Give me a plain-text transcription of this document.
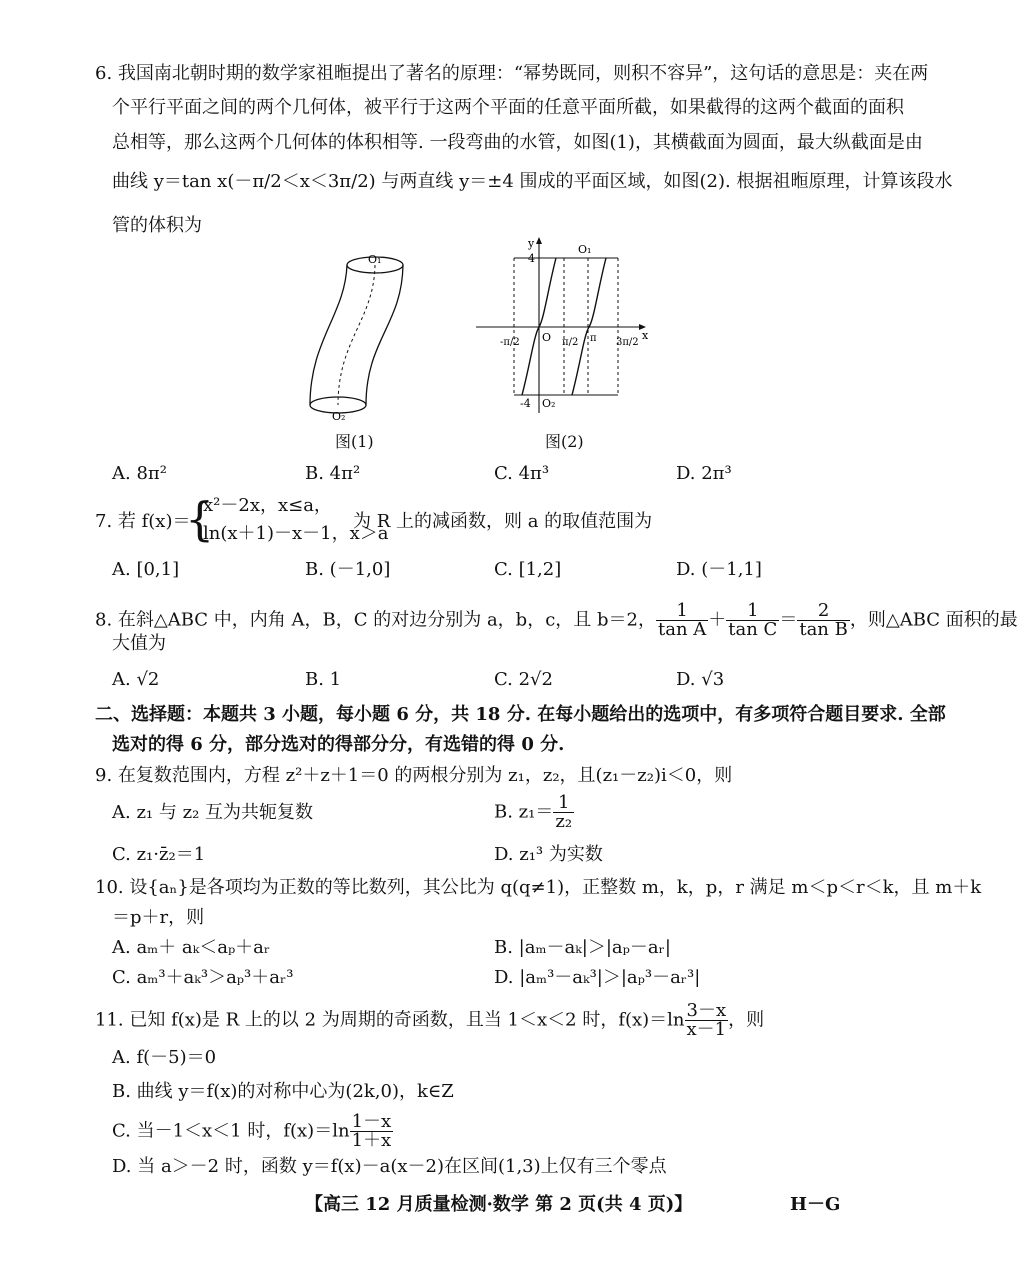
6. 我国南北朝时期的数学家祖暅提出了著名的原理：“幂势既同，则积不容异”，这句话的意思是：夹在两
个平行平面之间的两个几何体，被平行于这两个平面的任意平面所截，如果截得的这两个截面的面积
总相等，那么这两个几何体的体积相等. 一段弯曲的水管，如图(1)，其横截面为圆面，最大纵截面是由
曲线 y＝tan x(－π/2＜x＜3π/2) 与两直线 y＝±4 围成的平面区域，如图(2). 根据祖暅原理，计算该段水
管的体积为
O₁
O₂
图(1)
y
x
O
O₁
O₂
4
-4
-π/2	π/2 π 3π/2
图(2)
A. 8π²	B. 4π²	C. 4π³	D. 2π³
7. 若 f(x)＝
{
x²－2x，x≤a，
ln(x＋1)－x－1，x＞a
为 R 上的减函数，则 a 的取值范围为
A. [0,1]	B. (－1,0]	C. [1,2]	D. (－1,1]
8. 在斜△ABC 中，内角 A，B，C 的对边分别为 a，b，c，且 b＝2， $\frac{1}{\text{tan A}} + \frac{1}{\text{tan C}} = \frac{2}{\text{tan B}}$ ，则△ABC 面积的最
大值为
A. √2	B. 1	C. 2√2	D. √3
二、选择题：本题共 3 小题，每小题 6 分，共 18 分. 在每小题给出的选项中，有多项符合题目要求. 全部
选对的得 6 分，部分选对的得部分分，有选错的得 0 分.
9. 在复数范围内，方程 z²＋z＋1＝0 的两根分别为 z₁，z₂，且(z₁－z₂)i＜0，则
A. z₁ 与 z₂ 互为共轭复数	B. $z_1= \frac{1}{\text{z₂}}$
C. z₁·z̄₂＝1	D. z₁³ 为实数
10. 设{aₙ}是各项均为正数的等比数列，其公比为 q(q≠1)，正整数 m，k，p，r 满足 m＜p＜r＜k，且 m＋k
＝p＋r，则
A. aₘ＋ aₖ＜aₚ＋aᵣ	B. |aₘ－aₖ|＞|aₚ－aᵣ|
C. aₘ³＋aₖ³＞aₚ³＋aᵣ³	D. |aₘ³－aₖ³|＞|aₚ³－aᵣ³|
11. 已知 f(x)是 R 上的以 2 为周期的奇函数，且当 1＜x＜2 时，$f(x)=\ln \frac{3-x}{x-1}$ ，则
A. f(－5)＝0
B. 曲线 y＝f(x)的对称中心为(2k,0)，k∈Z
C. 当－1＜x＜1 时，$f(x)=\ln \frac{1-x}{1+x}$
D. 当 a＞－2 时，函数 y＝f(x)－a(x－2)在区间(1,3)上仅有三个零点
【高三 12 月质量检测·数学 第 2 页(共 4 页)】	H－G
